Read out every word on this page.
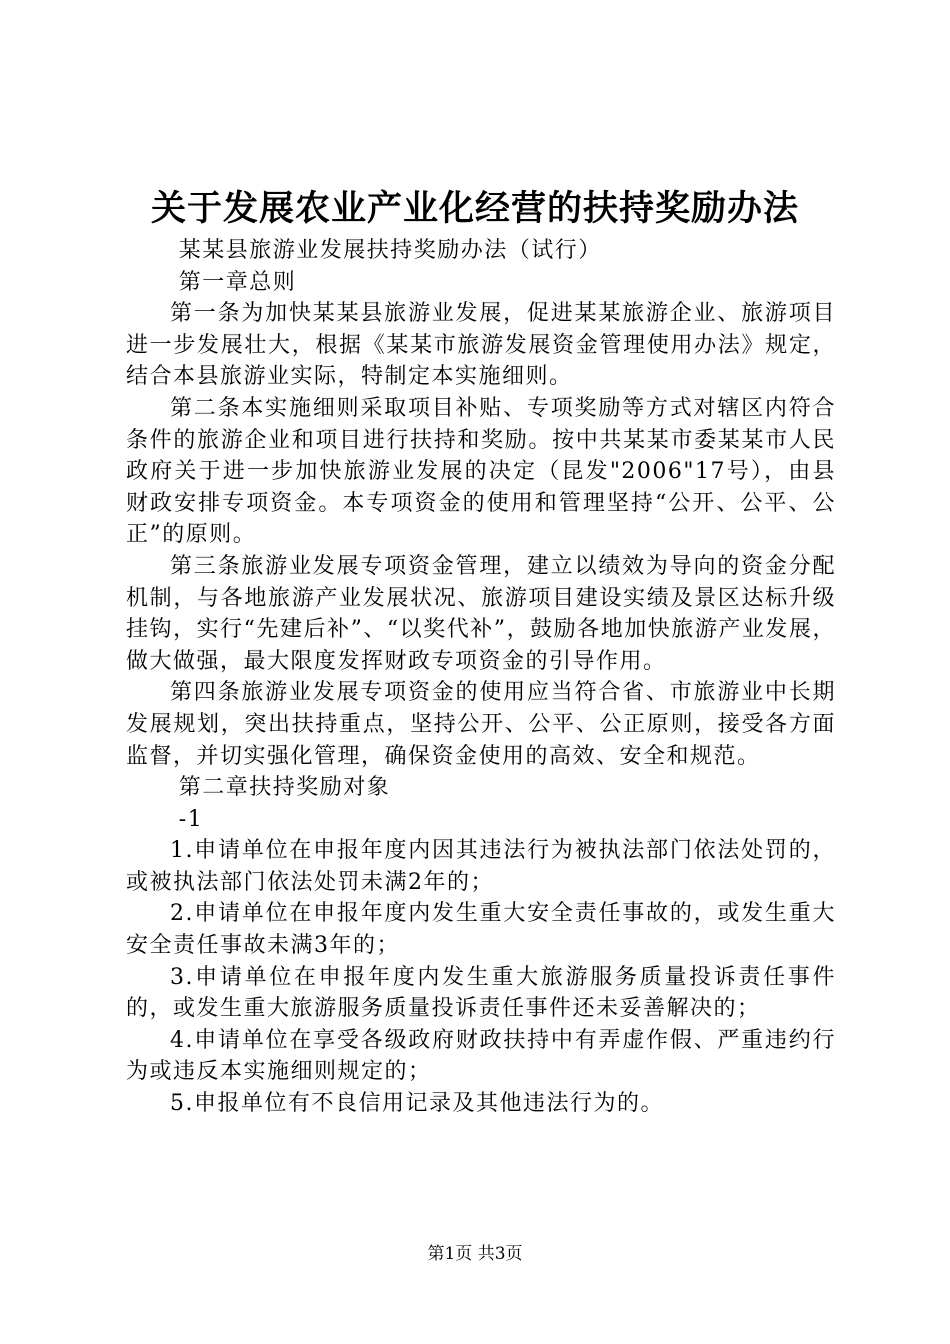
关于发展农业产业化经营的扶持奖励办法

某某县旅游业发展扶持奖励办法（试行）

第一章总则

第一条为加快某某县旅游业发展，促进某某旅游企业、旅游项目进一步发展壮大，根据《某某市旅游发展资金管理使用办法》规定，结合本县旅游业实际，特制定本实施细则。

第二条本实施细则采取项目补贴、专项奖励等方式对辖区内符合条件的旅游企业和项目进行扶持和奖励。按中共某某市委某某市人民政府关于进一步加快旅游业发展的决定（昆发"2006"17号），由县财政安排专项资金。本专项资金的使用和管理坚持“公开、公平、公正”的原则。

第三条旅游业发展专项资金管理，建立以绩效为导向的资金分配机制，与各地旅游产业发展状况、旅游项目建设实绩及景区达标升级挂钩，实行“先建后补”、“以奖代补”，鼓励各地加快旅游产业发展，做大做强，最大限度发挥财政专项资金的引导作用。

第四条旅游业发展专项资金的使用应当符合省、市旅游业中长期发展规划，突出扶持重点，坚持公开、公平、公正原则，接受各方面监督，并切实强化管理，确保资金使用的高效、安全和规范。

第二章扶持奖励对象

-1

1.申请单位在申报年度内因其违法行为被执法部门依法处罚的，或被执法部门依法处罚未满2年的；

2.申请单位在申报年度内发生重大安全责任事故的，或发生重大安全责任事故未满3年的；

3.申请单位在申报年度内发生重大旅游服务质量投诉责任事件的，或发生重大旅游服务质量投诉责任事件还未妥善解决的；

4.申请单位在享受各级政府财政扶持中有弄虚作假、严重违约行为或违反本实施细则规定的；

5.申报单位有不良信用记录及其他违法行为的。

第1页 共3页
